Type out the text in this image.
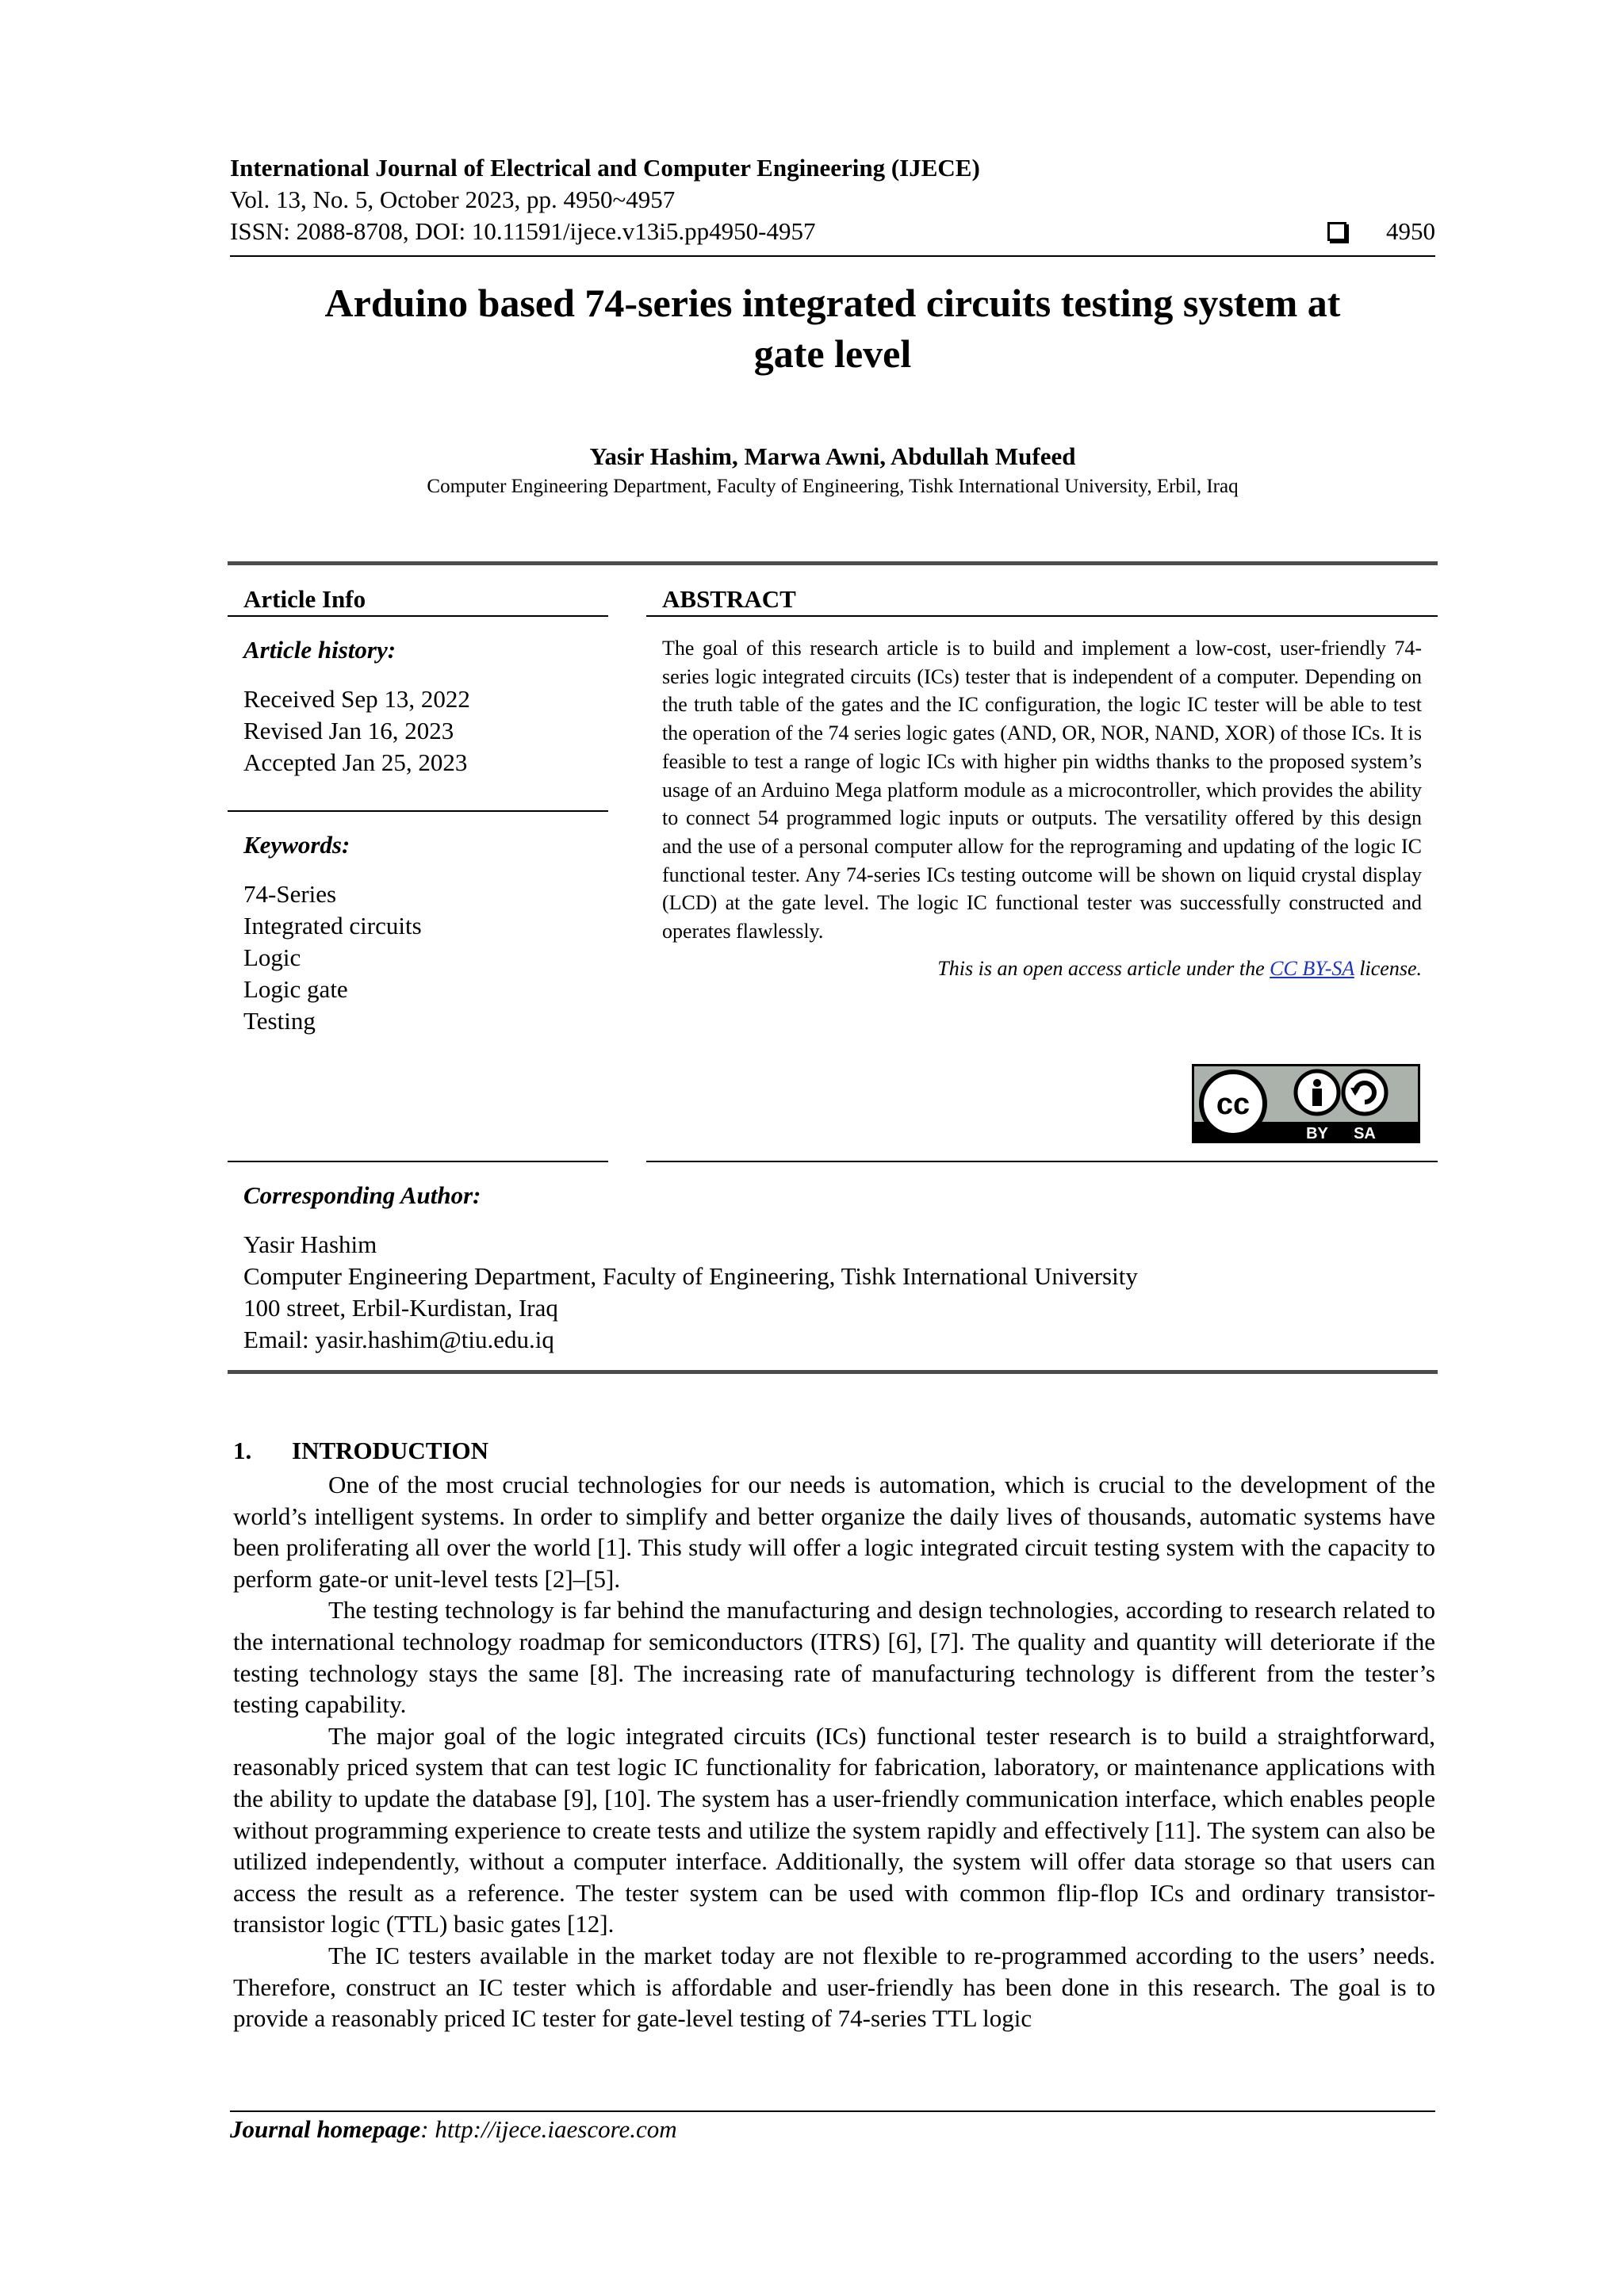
International Journal of Electrical and Computer Engineering (IJECE)
Vol. 13, No. 5, October 2023, pp. 4950~4957
ISSN: 2088-8708, DOI: 10.11591/ijece.v13i5.pp4950-4957	4950
Arduino based 74-series integrated circuits testing system at
gate level
Yasir Hashim, Marwa Awni, Abdullah Mufeed
Computer Engineering Department, Faculty of Engineering, Tishk International University, Erbil, Iraq
Article Info
Article history:
Received Sep 13, 2022
Revised Jan 16, 2023
Accepted Jan 25, 2023
Keywords:
74-Series
Integrated circuits
Logic
Logic gate
Testing
ABSTRACT
The goal of this research article is to build and implement a low-cost, user-friendly 74-series logic integrated circuits (ICs) tester that is independent of a computer. Depending on the truth table of the gates and the IC configuration, the logic IC tester will be able to test the operation of the 74 series logic gates (AND, OR, NOR, NAND, XOR) of those ICs. It is feasible to test a range of logic ICs with higher pin widths thanks to the proposed system’s usage of an Arduino Mega platform module as a microcontroller, which provides the ability to connect 54 programmed logic inputs or outputs. The versatility offered by this design and the use of a personal computer allow for the reprograming and updating of the logic IC functional tester. Any 74-series ICs testing outcome will be shown on liquid crystal display (LCD) at the gate level. The logic IC functional tester was successfully constructed and operates flawlessly.
This is an open access article under the CC BY-SA license.
cc
BY SA
Corresponding Author:
Yasir Hashim
Computer Engineering Department, Faculty of Engineering, Tishk International University
100 street, Erbil-Kurdistan, Iraq
Email: yasir.hashim@tiu.edu.iq
1. INTRODUCTION

One of the most crucial technologies for our needs is automation, which is crucial to the development of the world’s intelligent systems. In order to simplify and better organize the daily lives of thousands, automatic systems have been proliferating all over the world [1]. This study will offer a logic integrated circuit testing system with the capacity to perform gate-or unit-level tests [2]–[5].

The testing technology is far behind the manufacturing and design technologies, according to research related to the international technology roadmap for semiconductors (ITRS) [6], [7]. The quality and quantity will deteriorate if the testing technology stays the same [8]. The increasing rate of manufacturing technology is different from the tester’s testing capability.

The major goal of the logic integrated circuits (ICs) functional tester research is to build a straightforward, reasonably priced system that can test logic IC functionality for fabrication, laboratory, or maintenance applications with the ability to update the database [9], [10]. The system has a user-friendly communication interface, which enables people without programming experience to create tests and utilize the system rapidly and effectively [11]. The system can also be utilized independently, without a computer interface. Additionally, the system will offer data storage so that users can access the result as a reference. The tester system can be used with common flip-flop ICs and ordinary transistor-transistor logic (TTL) basic gates [12].

The IC testers available in the market today are not flexible to re-programmed according to the users’ needs. Therefore, construct an IC tester which is affordable and user-friendly has been done in this research. The goal is to provide a reasonably priced IC tester for gate-level testing of 74-series TTL logic

Journal homepage: http://ijece.iaescore.com
